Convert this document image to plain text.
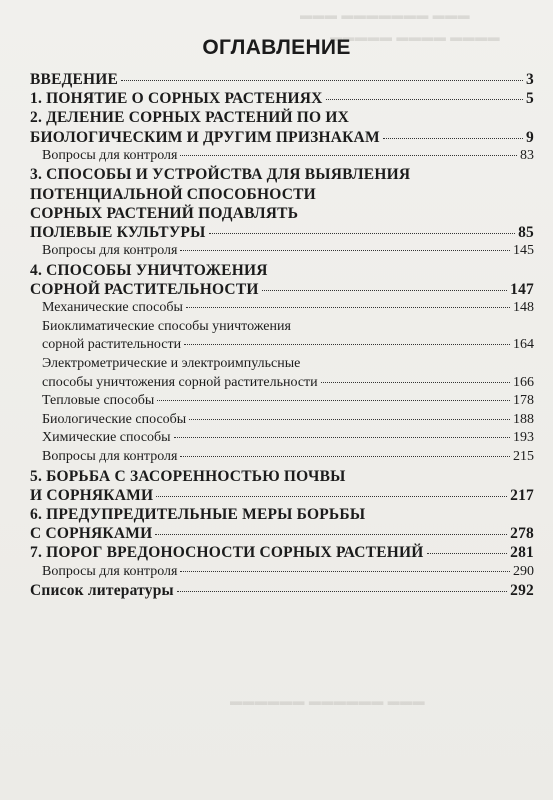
▬▬▬ ▬▬▬▬▬▬▬ ▬▬▬
▬▬▬▬▬ ▬▬▬▬ ▬▬▬▬
▬▬▬▬▬▬ ▬▬▬▬▬▬ ▬▬▬
ОГЛАВЛЕНИЕ
ВВЕДЕНИЕ	3
1. ПОНЯТИЕ О СОРНЫХ РАСТЕНИЯХ	5
2. ДЕЛЕНИЕ СОРНЫХ РАСТЕНИЙ ПО ИХ
БИОЛОГИЧЕСКИМ И ДРУГИМ ПРИЗНАКАМ	9
Вопросы для контроля	83
3. СПОСОБЫ И УСТРОЙСТВА ДЛЯ ВЫЯВЛЕНИЯ
ПОТЕНЦИАЛЬНОЙ СПОСОБНОСТИ
СОРНЫХ РАСТЕНИЙ ПОДАВЛЯТЬ
ПОЛЕВЫЕ КУЛЬТУРЫ	85
Вопросы для контроля	145
4. СПОСОБЫ УНИЧТОЖЕНИЯ
СОРНОЙ РАСТИТЕЛЬНОСТИ	147
Механические способы	148
Биоклиматические способы уничтожения
сорной растительности	164
Электрометрические и электроимпульсные
способы уничтожения сорной растительности	166
Тепловые способы	178
Биологические способы	188
Химические способы	193
Вопросы для контроля	215
5. БОРЬБА С ЗАСОРЕННОСТЬЮ ПОЧВЫ
И СОРНЯКАМИ	217
6. ПРЕДУПРЕДИТЕЛЬНЫЕ МЕРЫ БОРЬБЫ
С СОРНЯКАМИ	278
7. ПОРОГ ВРЕДОНОСНОСТИ СОРНЫХ РАСТЕНИЙ	281
Вопросы для контроля	290
Список литературы	292
